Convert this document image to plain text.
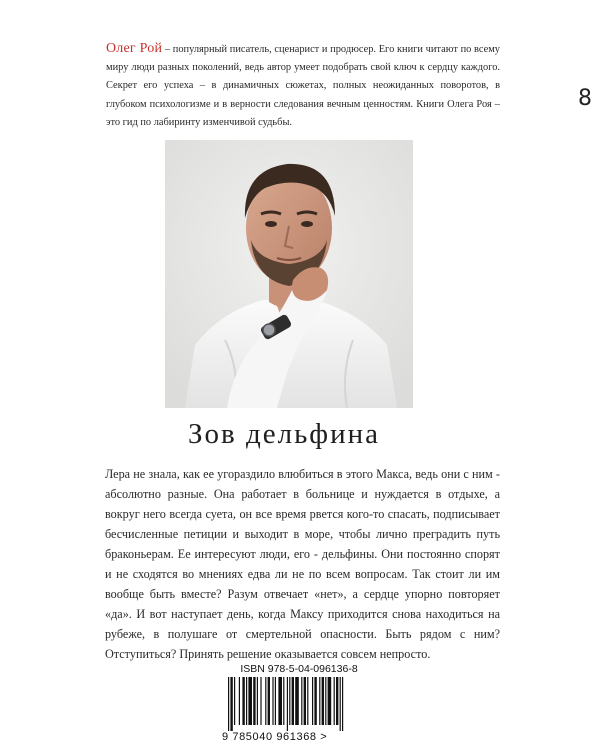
Олег Рой – популярный писатель, сценарист и продюсер. Его книги читают по всему миру люди разных поколений, ведь автор умеет подобрать свой ключ к сердцу каждого. Секрет его успеха – в динамичных сюжетах, полных неожиданных поворотов, в глубоком психологизме и в верности следования вечным ценностям. Книги Олега Роя – это гид по лабиринту изменчивой судьбы.

8
Зов дельфина

Лера не знала, как ее угораздило влюбиться в этого Макса, ведь они с ним - абсолютно разные. Она работает в больнице и нуждается в отдыхе, а вокруг него всегда суета, он все время рвется кого-то спасать, подписывает бесчисленные петиции и выходит в море, чтобы лично преградить путь браконьерам. Ее интересуют люди, его - дельфины. Они постоянно спорят и не сходятся во мнениях едва ли не по всем вопросам. Так стоит ли им вообще быть вместе? Разум отвечает «нет», а сердце упорно повторяет «да». И вот наступает день, когда Максу приходится снова находиться на рубеже, в полушаге от смертельной опасности. Быть рядом с ним? Отступиться? Принять решение оказывается совсем непросто.

ISBN 978-5-04-096136-8
9 785040 961368 >
